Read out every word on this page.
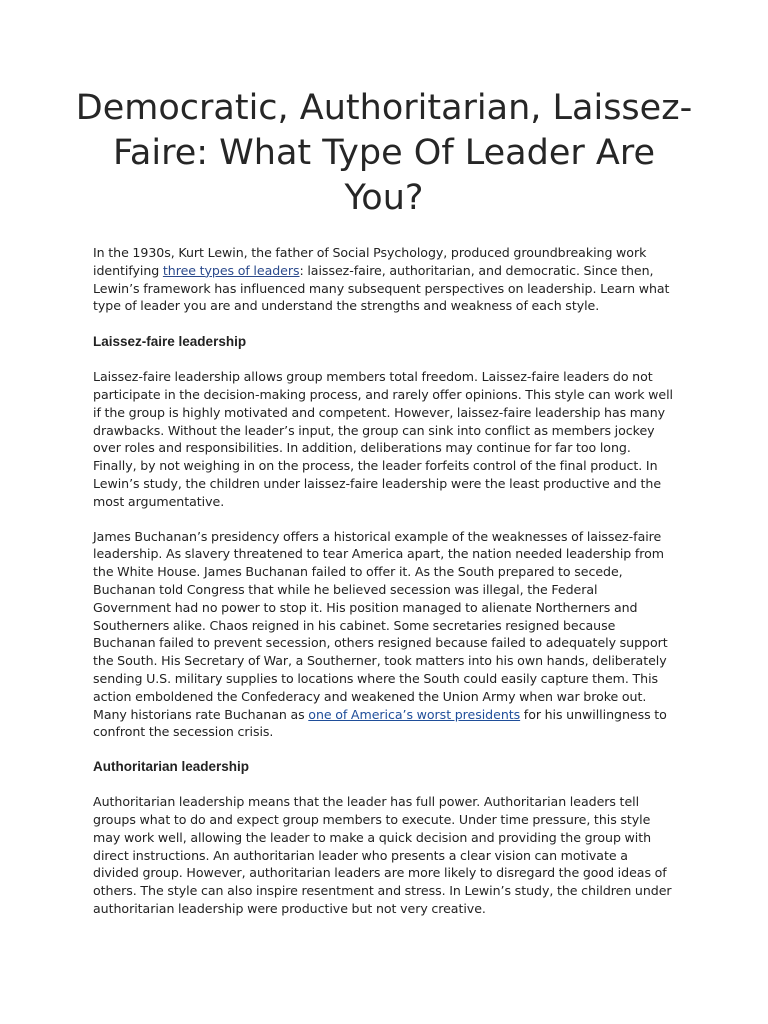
Democratic, Authoritarian, Laissez-Faire: What Type Of Leader Are You?

In the 1930s, Kurt Lewin, the father of Social Psychology, produced groundbreaking work identifying three types of leaders: laissez-faire, authoritarian, and democratic. Since then, Lewin’s framework has influenced many subsequent perspectives on leadership. Learn what type of leader you are and understand the strengths and weakness of each style.

Laissez-faire leadership

Laissez-faire leadership allows group members total freedom. Laissez-faire leaders do not participate in the decision-making process, and rarely offer opinions. This style can work well if the group is highly motivated and competent. However, laissez-faire leadership has many drawbacks. Without the leader’s input, the group can sink into conflict as members jockey over roles and responsibilities. In addition, deliberations may continue for far too long. Finally, by not weighing in on the process, the leader forfeits control of the final product. In Lewin’s study, the children under laissez-faire leadership were the least productive and the most argumentative.

James Buchanan’s presidency offers a historical example of the weaknesses of laissez-faire leadership. As slavery threatened to tear America apart, the nation needed leadership from the White House. James Buchanan failed to offer it. As the South prepared to secede, Buchanan told Congress that while he believed secession was illegal, the Federal Government had no power to stop it. His position managed to alienate Northerners and Southerners alike. Chaos reigned in his cabinet. Some secretaries resigned because Buchanan failed to prevent secession, others resigned because failed to adequately support the South. His Secretary of War, a Southerner, took matters into his own hands, deliberately sending U.S. military supplies to locations where the South could easily capture them. This action emboldened the Confederacy and weakened the Union Army when war broke out. Many historians rate Buchanan as one of America’s worst presidents for his unwillingness to confront the secession crisis.

Authoritarian leadership

Authoritarian leadership means that the leader has full power. Authoritarian leaders tell groups what to do and expect group members to execute. Under time pressure, this style may work well, allowing the leader to make a quick decision and providing the group with direct instructions. An authoritarian leader who presents a clear vision can motivate a divided group. However, authoritarian leaders are more likely to disregard the good ideas of others. The style can also inspire resentment and stress. In Lewin’s study, the children under authoritarian leadership were productive but not very creative.
